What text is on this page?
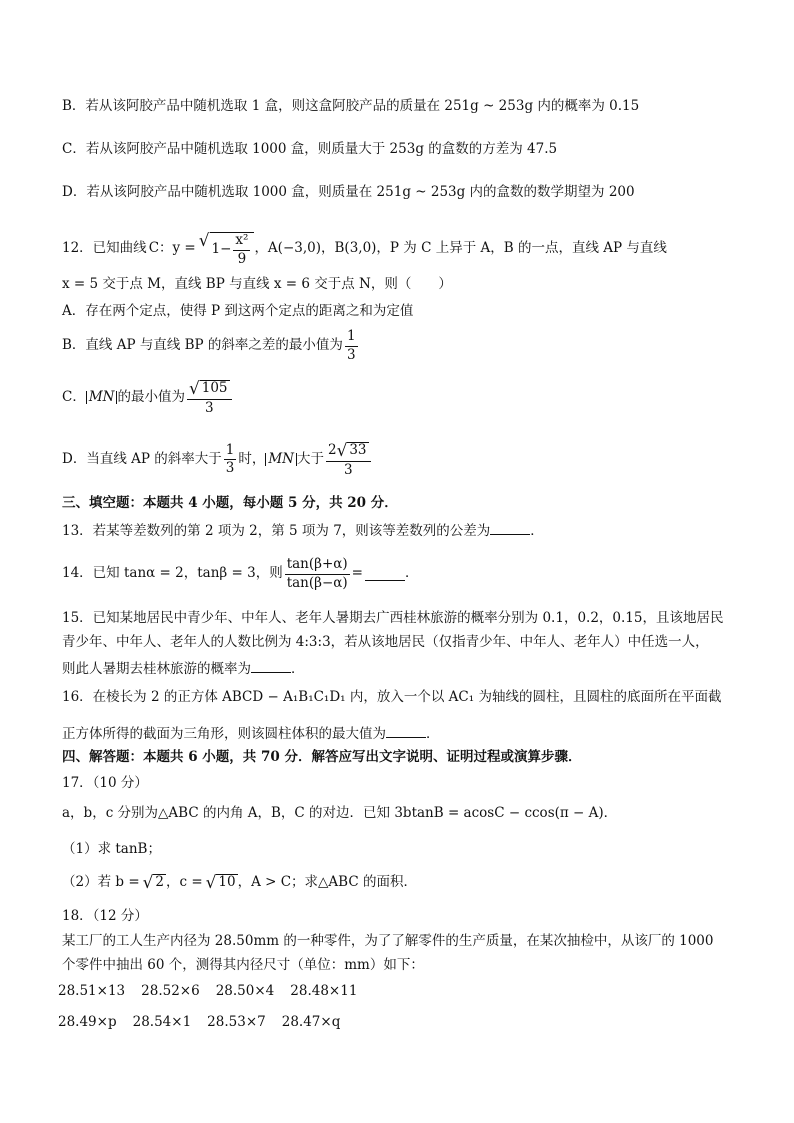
B．若从该阿胶产品中随机选取 1 盒，则这盒阿胶产品的质量在 251g ~ 253g 内的概率为 0.15
C．若从该阿胶产品中随机选取 1000 盒，则质量大于 253g 的盒数的方差为 47.5
D．若从该阿胶产品中随机选取 1000 盒，则质量在 251g ~ 253g 内的盒数的数学期望为 200
12．已知曲线 C：y = √ $1- \frac{\text{x²}}{9}$ ，A(−3,0)，B(3,0)，P 为 C 上异于 A，B 的一点，直线 AP 与直线
x = 5 交于点 M，直线 BP 与直线 x = 6 交于点 N，则（　　）
A．存在两个定点，使得 P 到这两个定点的距离之和为定值
B．直线 AP 与直线 BP 的斜率之差的最小值为 $\frac{1}{3}$
C． MN 的最小值为 $\frac{√ 105}{3}$
D．当直线 AP 的斜率大于 $\frac{1}{3}$ 时， MN 大于 $\frac{2 √ 33}{3}$
三、填空题：本题共 4 小题，每小题 5 分，共 20 分．
13．若某等差数列的第 2 项为 2，第 5 项为 7，则该等差数列的公差为	．
14．已知 tanα = 2，tanβ = 3，则 $\frac{\tan(\beta+\alpha)}{\tan(\beta-\alpha)}$ =	．
15．已知某地居民中青少年、中年人、老年人暑期去广西桂林旅游的概率分别为 0.1，0.2，0.15，且该地居民
青少年、中年人、老年人的人数比例为 4:3:3，若从该地居民（仅指青少年、中年人、老年人）中任选一人，
则此人暑期去桂林旅游的概率为	．
16．在棱长为 2 的正方体 ABCD − A₁B₁C₁D₁ 内，放入一个以 AC₁ 为轴线的圆柱，且圆柱的底面所在平面截
正方体所得的截面为三角形，则该圆柱体积的最大值为	．
四、解答题：本题共 6 小题，共 70 分．解答应写出文字说明、证明过程或演算步骤．
17．（10 分）
a，b，c 分别为△ABC 的内角 A，B，C 的对边．已知 3btanB = acosC − ccos(π − A)．
（1）求 tanB；
（2）若 b = √ 2 ，c = √ 10 ，A > C；求△ABC 的面积．
18．（12 分）
某工厂的工人生产内径为 28.50mm 的一种零件，为了了解零件的生产质量，在某次抽检中，从该厂的 1000
个零件中抽出 60 个，测得其内径尺寸（单位：mm）如下：
28.51×13 28.52×6 28.50×4 28.48×11
28.49×p 28.54×1 28.53×7 28.47×q
